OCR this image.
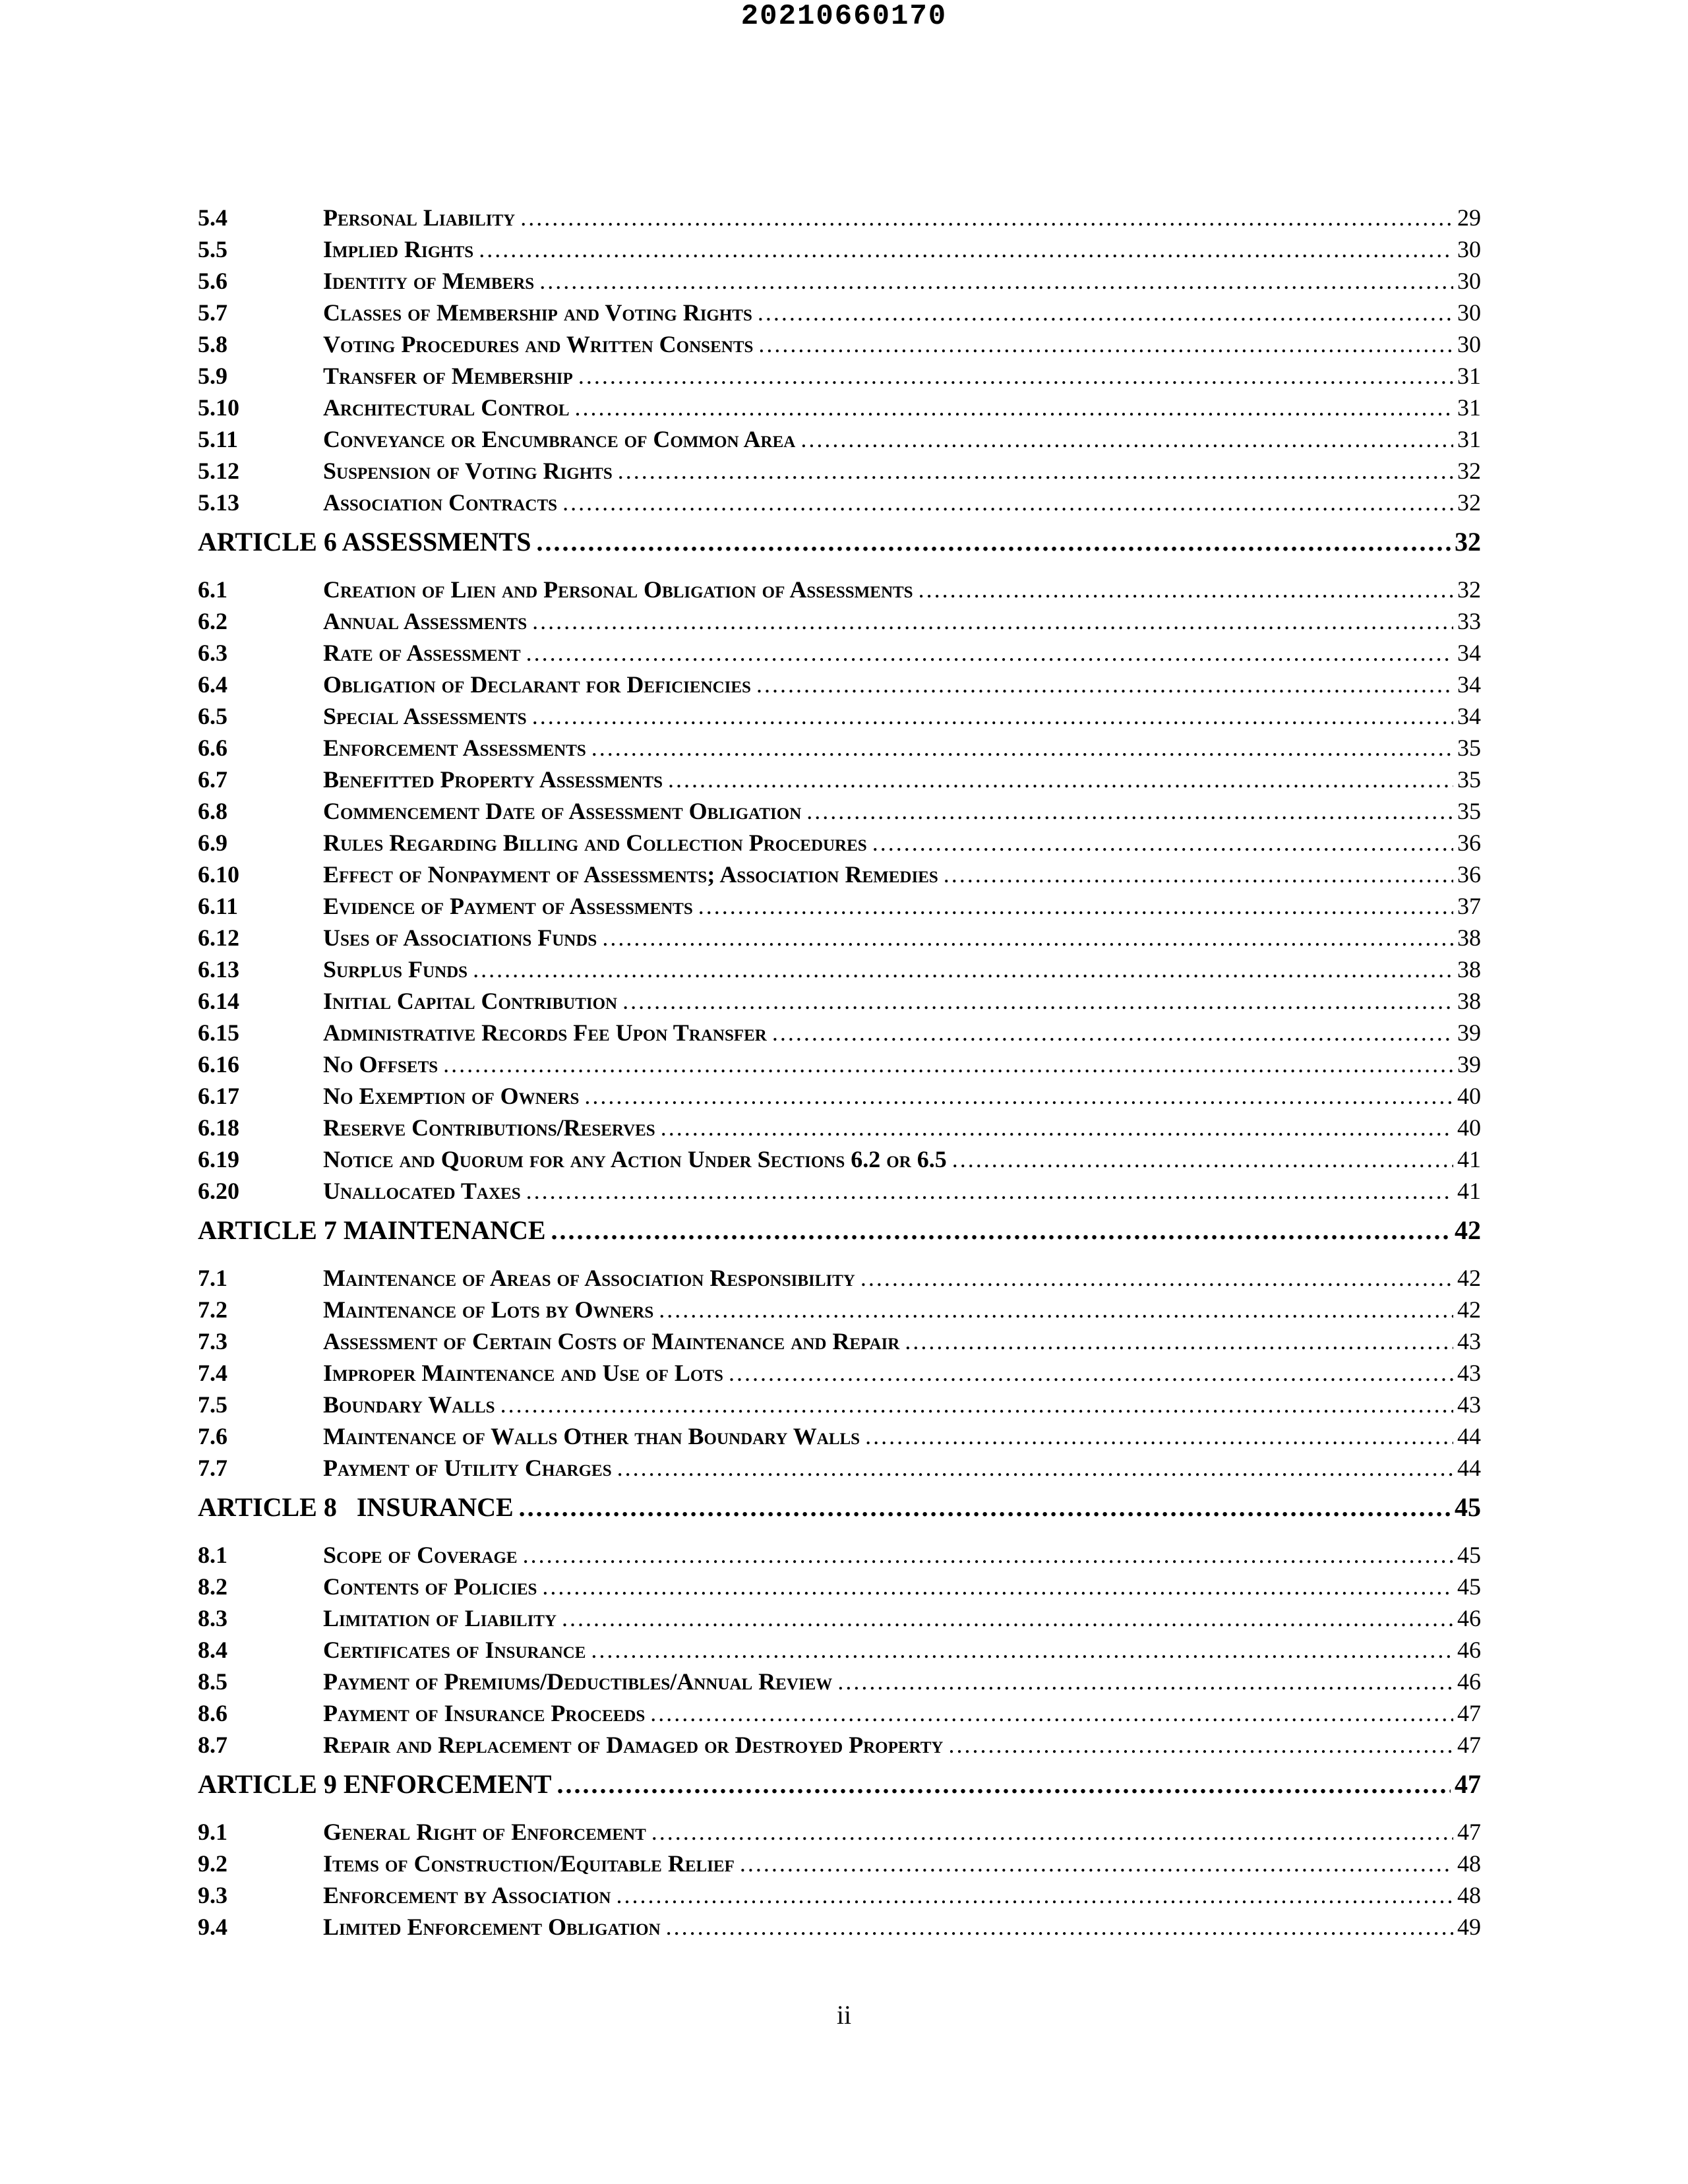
20210660170
5.4	Personal Liability .....	29
5.5	Implied Rights .....	30
5.6	Identity of Members .....	30
5.7	Classes of Membership and Voting Rights .....	30
5.8	Voting Procedures and Written Consents .....	30
5.9	Transfer of Membership .....	31
5.10	Architectural Control .....	31
5.11	Conveyance or Encumbrance of Common Area .....	31
5.12	Suspension of Voting Rights .....	32
5.13	Association Contracts .....	32
ARTICLE 6 ASSESSMENTS .....	32
6.1	Creation of Lien and Personal Obligation of Assessments .....	32
6.2	Annual Assessments .....	33
6.3	Rate of Assessment .....	34
6.4	Obligation of Declarant for Deficiencies .....	34
6.5	Special Assessments .....	34
6.6	Enforcement Assessments .....	35
6.7	Benefitted Property Assessments .....	35
6.8	Commencement Date of Assessment Obligation .....	35
6.9	Rules Regarding Billing and Collection Procedures .....	36
6.10	Effect of Nonpayment of Assessments; Association Remedies .....	36
6.11	Evidence of Payment of Assessments .....	37
6.12	Uses of Associations Funds .....	38
6.13	Surplus Funds .....	38
6.14	Initial Capital Contribution .....	38
6.15	Administrative Records Fee Upon Transfer .....	39
6.16	No Offsets .....	39
6.17	No Exemption of Owners .....	40
6.18	Reserve Contributions/Reserves .....	40
6.19	Notice and Quorum for any Action Under Sections 6.2 or 6.5 .....	41
6.20	Unallocated Taxes .....	41
ARTICLE 7 MAINTENANCE .....	42
7.1	Maintenance of Areas of Association Responsibility .....	42
7.2	Maintenance of Lots by Owners .....	42
7.3	Assessment of Certain Costs of Maintenance and Repair .....	43
7.4	Improper Maintenance and Use of Lots .....	43
7.5	Boundary Walls .....	43
7.6	Maintenance of Walls Other than Boundary Walls .....	44
7.7	Payment of Utility Charges .....	44
ARTICLE 8   INSURANCE .....	45
8.1	Scope of Coverage .....	45
8.2	Contents of Policies .....	45
8.3	Limitation of Liability .....	46
8.4	Certificates of Insurance .....	46
8.5	Payment of Premiums/Deductibles/Annual Review .....	46
8.6	Payment of Insurance Proceeds .....	47
8.7	Repair and Replacement of Damaged or Destroyed Property .....	47
ARTICLE 9 ENFORCEMENT .....	47
9.1	General Right of Enforcement .....	47
9.2	Items of Construction/Equitable Relief .....	48
9.3	Enforcement by Association .....	48
9.4	Limited Enforcement Obligation .....	49
ii
